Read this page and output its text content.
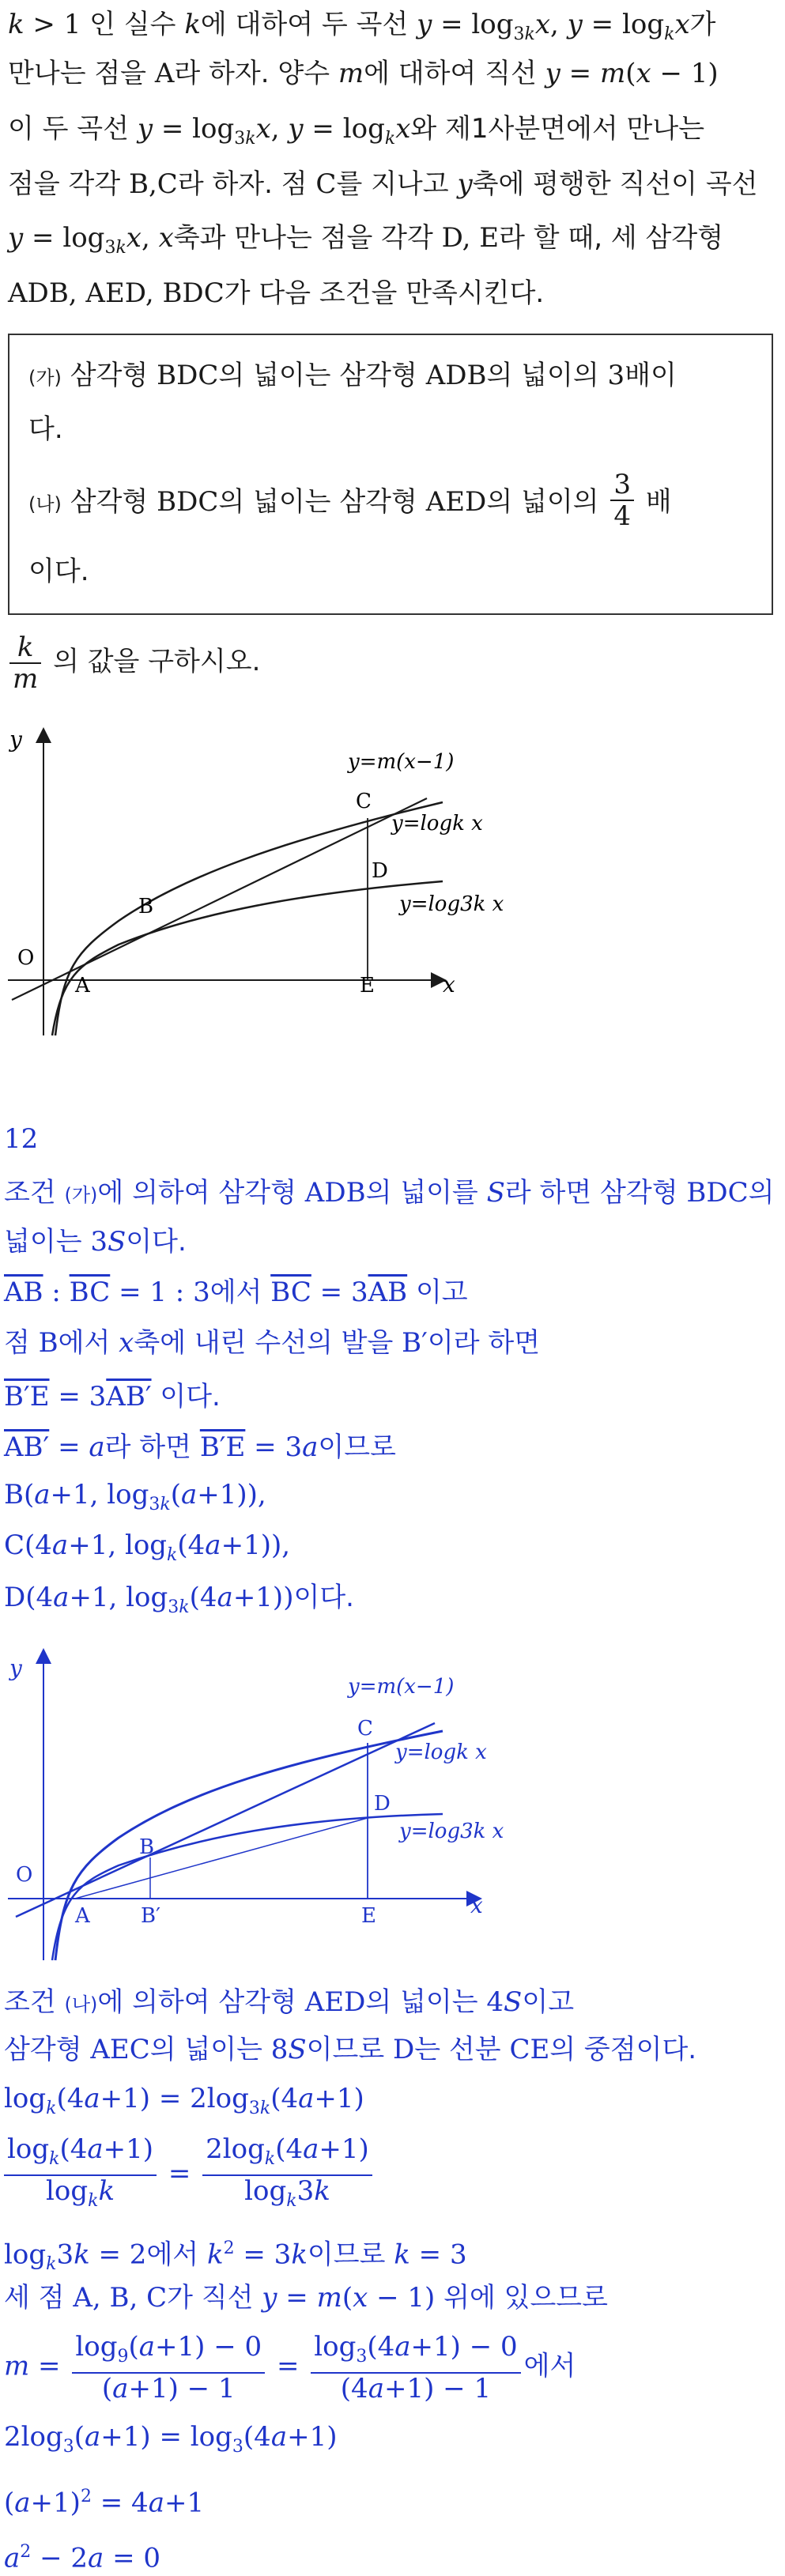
k > 1 인 실수 k에 대하여 두 곡선 $y = \log_{3k}x$, $y = \log_kx$가
만나는 점을 A라 하자. 양수 m에 대하여 직선 y = m(x − 1)
이 두 곡선 $y = \log_{3k}x$, $y = \log_kx$와 제1사분면에서 만나는
점을 각각 B,C라 하자. 점 C를 지나고 y축에 평행한 직선이 곡선
$y = \log_{3k}x$, x축과 만나는 점을 각각 D, E라 할 때, 세 삼각형
ADB, AED, BDC가 다음 조건을 만족시킨다.
(가) 삼각형 BDC의 넓이는 삼각형 ADB의 넓이의 3배이
다.
(나) 삼각형 BDC의 넓이는 삼각형 AED의 넓이의 $\frac{3}{4}$ 배
이다.
$\frac{k}{m}$ 의 값을 구하시오.
y
x
O
A
B
C
D
E
y=m(x−1)
y=logk x
y=log3k x
12
조건 (가)에 의하여 삼각형 ADB의 넓이를 S라 하면 삼각형 BDC의
넓이는 3S이다.
$\overline{AB}$ : $\overline{BC} = 1$ : 3에서 $\overline{BC} = 3\overline{AB}$ 이고
점 B에서 x축에 내린 수선의 발을 B′이라 하면
B′E = 3AB′ 이다.
AB′ = a라 하면 B′E = 3a이므로
B(a+1, $\log_{3k}(a+1)$),
C(4a+1, $\log_k(4a+1)$),
D(4a+1, $\log_{3k}(4a+1)$)이다.
y
x
O
A
B
B′
C
D
E
y=m(x−1)
y=logk x
y=log3k x
조건 (나)에 의하여 삼각형 AED의 넓이는 4S이고
삼각형 AEC의 넓이는 8S이므로 D는 선분 CE의 중점이다.
$\log_k(4a+1) = 2\log_{3k}(4a+1)$
$\frac{\log_k(4a+1)}{\log_kk} = \frac{2\log_k(4a+1)}{\log_k3k}$
$\log_k3k = 2$에서 $k^2 = 3k$이므로 k = 3
세 점 A, B, C가 직선 y = m(x − 1) 위에 있으므로
$m = \frac{\log_9(a+1) - 0}{(a+1) - 1} = \frac{\log_3(4a+1) - 0}{(4a+1) - 1}$ 에서
$2\log_3(a+1) = \log_3(4a+1)$
$(a+1)^2 = 4a+1$
$a^2 - 2a = 0$
